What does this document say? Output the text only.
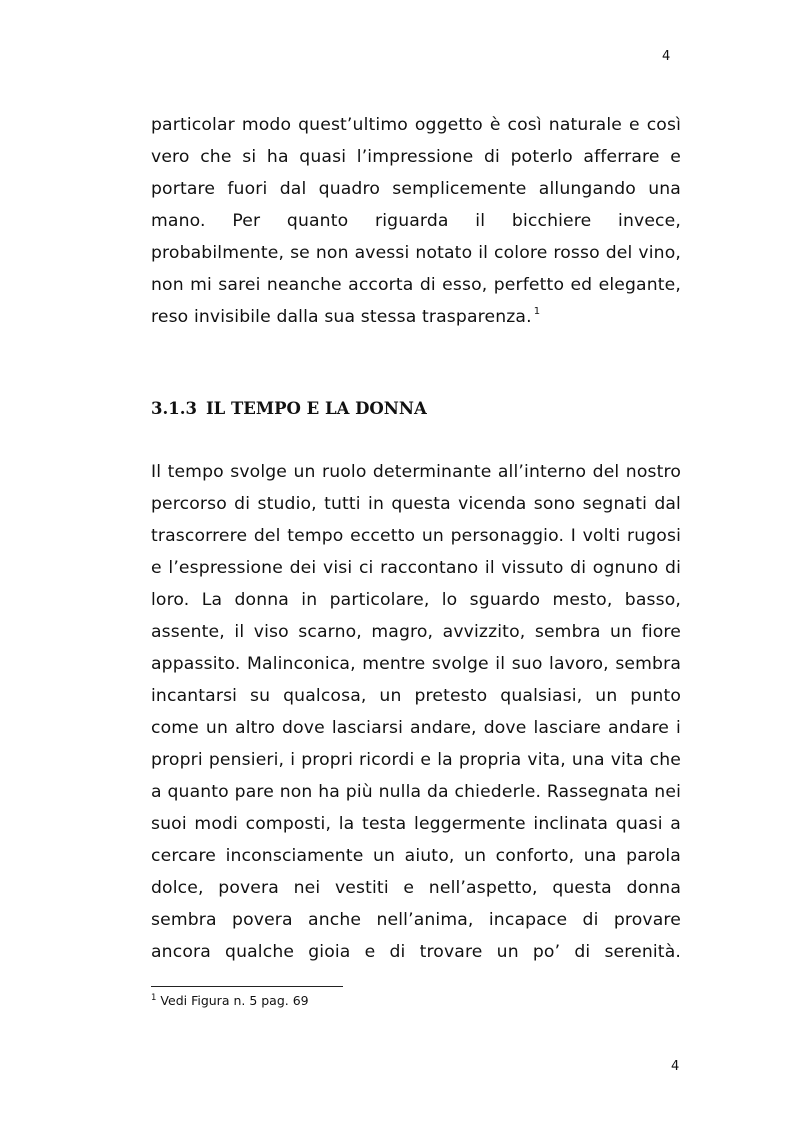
4
particolar modo quest’ultimo oggetto è così naturale e così
vero che si ha quasi l’impressione di poterlo afferrare e
portare fuori dal quadro semplicemente allungando una
mano. Per quanto riguarda il bicchiere invece,
probabilmente, se non avessi notato il colore rosso del vino,
non mi sarei neanche accorta di esso, perfetto ed elegante,
reso invisibile dalla sua stessa trasparenza. $^1$
3.1.3 IL TEMPO E LA DONNA
Il tempo svolge un ruolo determinante all’interno del nostro
percorso di studio, tutti in questa vicenda sono segnati dal
trascorrere del tempo eccetto un personaggio. I volti rugosi
e l’espressione dei visi ci raccontano il vissuto di ognuno di
loro. La donna in particolare, lo sguardo mesto, basso,
assente, il viso scarno, magro, avvizzito, sembra un fiore
appassito. Malinconica, mentre svolge il suo lavoro, sembra
incantarsi su qualcosa, un pretesto qualsiasi, un punto
come un altro dove lasciarsi andare, dove lasciare andare i
propri pensieri, i propri ricordi e la propria vita, una vita che
a quanto pare non ha più nulla da chiederle. Rassegnata nei
suoi modi composti, la testa leggermente inclinata quasi a
cercare inconsciamente un aiuto, un conforto, una parola
dolce, povera nei vestiti e nell’aspetto, questa donna
sembra povera anche nell’anima, incapace di provare
ancora qualche gioia e di trovare un po’ di serenità.
$^1$ Vedi Figura n. 5 pag. 69
4
